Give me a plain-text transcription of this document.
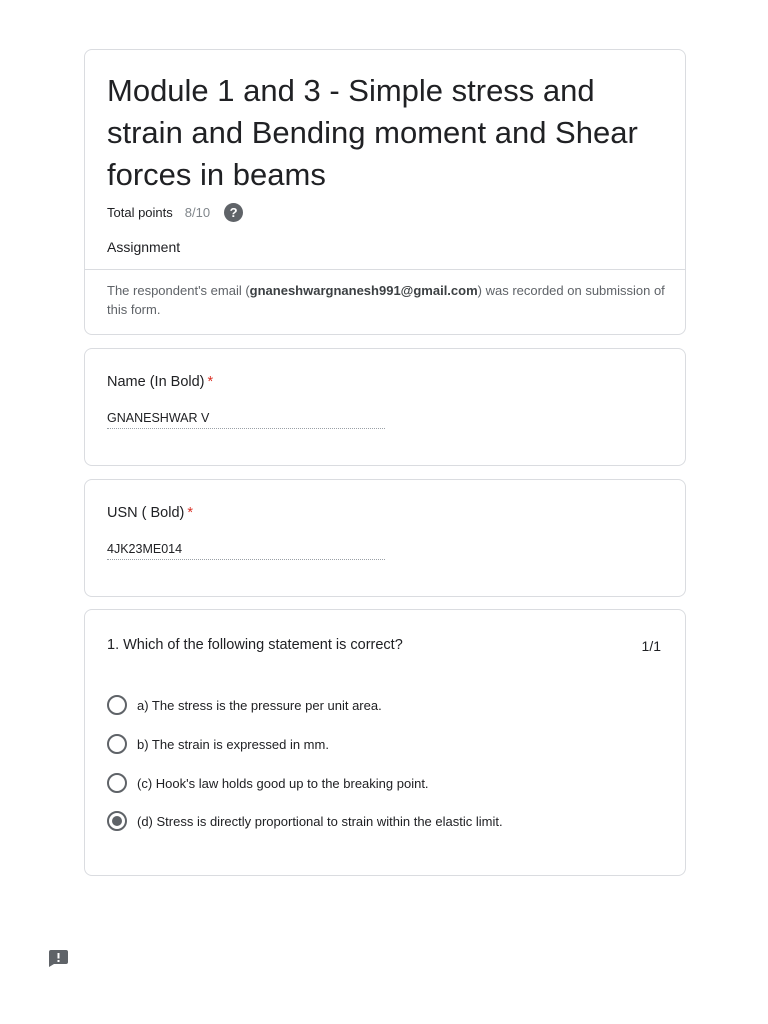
Module 1 and 3 - Simple stress and strain and Bending moment and Shear forces in beams
Total points 8/10	?
Assignment
The respondent's email (gnaneshwargnanesh991@gmail.com) was recorded on submission of this form.
Name (In Bold) *
GNANESHWAR V
USN ( Bold) *
4JK23ME014
1. Which of the following statement is correct?	1/1
a) The stress is the pressure per unit area.
b) The strain is expressed in mm.
(c) Hook's law holds good up to the breaking point.
(d) Stress is directly proportional to strain within the elastic limit.
